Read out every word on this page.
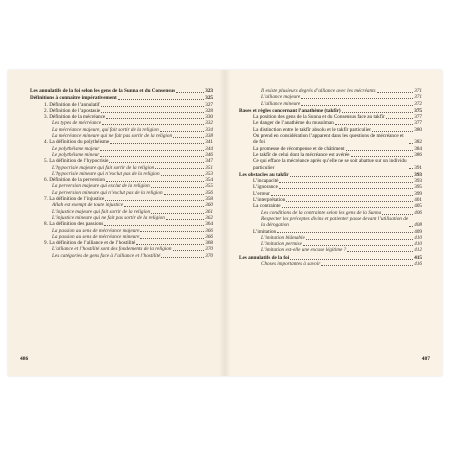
Les annulatifs de la foi selon les gens de la Sunna et du Consensus	323
Définitions à connaître impérativement	325
1. Définition de l’annulatif	327
2. Définition de l’apostasie	328
3. Définition de la mécréance	330
Les types de mécréance	332
La mécréance majeure, qui fait sortir de la religion	334
La mécréance mineure qui ne fait pas sortir de la religion	338
4. La définition du polythéisme	341
Le polythéisme majeur	344
Le polythéisme mineur	346
5. La définition de l’hypocrisie	347
L’hypocrisie majeure qui fait sortir de la religion	351
L’hypocrisie mineure qui n’exclut pas de la religion	353
6. Définition de la perversion	354
La perversion majeure qui exclut de la religion	355
La perversion mineure qui n’exclut pas de la religion	356
7. La définition de l’injustice	358
Allah est exempt de toute injustice	360
L’injustice majeure qui fait sortir de la religion	361
L’injustice mineure qui ne fait pas sortir de la religion	362
8. La définition des passions	364
La passion au sens de mécréance majeure	366
La passion au sens de mécréance mineure	366
9. La définition de l’alliance et de l’hostilité	368
L’alliance et l’hostilité sont des fondements de la religion	370
Les catégories de gens face à l’alliance et l’hostilité	370
486
Il existe plusieurs degrés d’alliance avec les mécréants	371
L’alliance majeure	371
L’alliance mineure	372
Bases et règles concernant l’anathème (takfîr)	375
La position des gens de la Sunna et du Consensus face au takfîr	377
Le danger de l’anathème du musulman	377
La distinction entre le takfîr absolu et le takfîr particulier	380
On prend en considération l’apparent dans les questions de mécréance et de foi	382
La promesse de récompense et de châtiment	384
Le takfîr de celui dont la mécréance est avérée	386
Ce qui efface la mécréance après qu’elle ne se soit abattue sur un individu particulier	391
Les obstacles au takfîr	393
L’incapacité	393
L’ignorance	395
L’erreur	399
L’interprétation	401
La contrainte	405
Les conditions de la contrainte selon les gens de la Sunna	406
Respecter les préceptes divins et patienter passe devant l’utilisation de la dérogation	408
L’imitation	409
L’imitation blâmable	410
L’imitation permise	410
L’imitation est-elle une excuse légitime ?	412
Les annulatifs de la foi	415
Choses importantes à savoir	416
487
